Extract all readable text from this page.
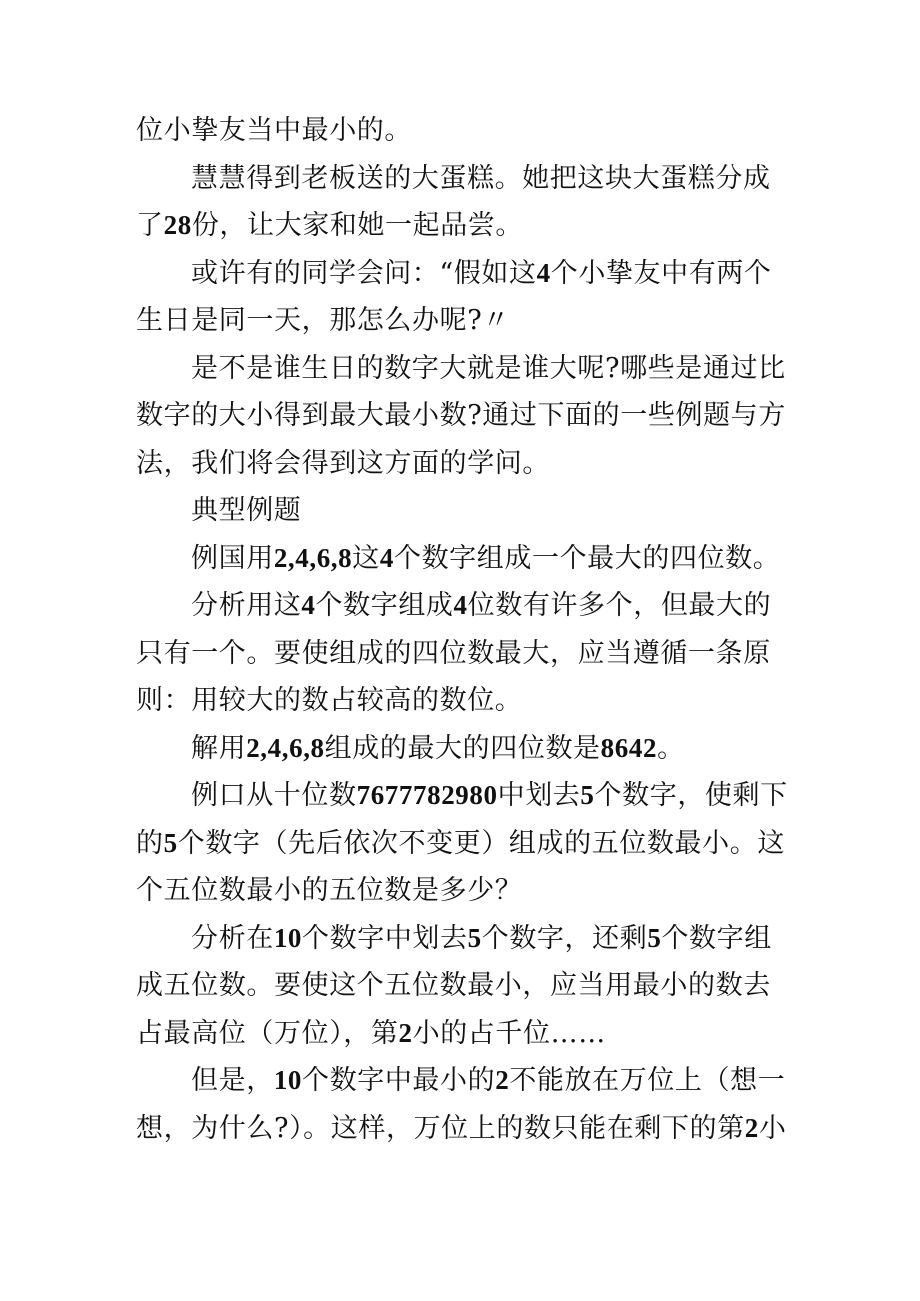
位小挚友当中最小的。

慧慧得到老板送的大蛋糕。她把这块大蛋糕分成了28份，让大家和她一起品尝。

或许有的同学会问：“假如这4个小挚友中有两个生日是同一天，那怎么办呢?〃

是不是谁生日的数字大就是谁大呢?哪些是通过比数字的大小得到最大最小数?通过下面的一些例题与方法，我们将会得到这方面的学问。

典型例题

例国用2,4,6,8这4个数字组成一个最大的四位数。

分析用这4个数字组成4位数有许多个，但最大的只有一个。要使组成的四位数最大，应当遵循一条原则：用较大的数占较高的数位。

解用2,4,6,8组成的最大的四位数是8642。

例口从十位数7677782980中划去5个数字，使剩下的5个数字（先后依次不变更）组成的五位数最小。这个五位数最小的五位数是多少？

分析在10个数字中划去5个数字，还剩5个数字组成五位数。要使这个五位数最小，应当用最小的数去占最高位（万位），第2小的占千位……

但是，10个数字中最小的2不能放在万位上（想一想，为什么?）。这样，万位上的数只能在剩下的第2小
